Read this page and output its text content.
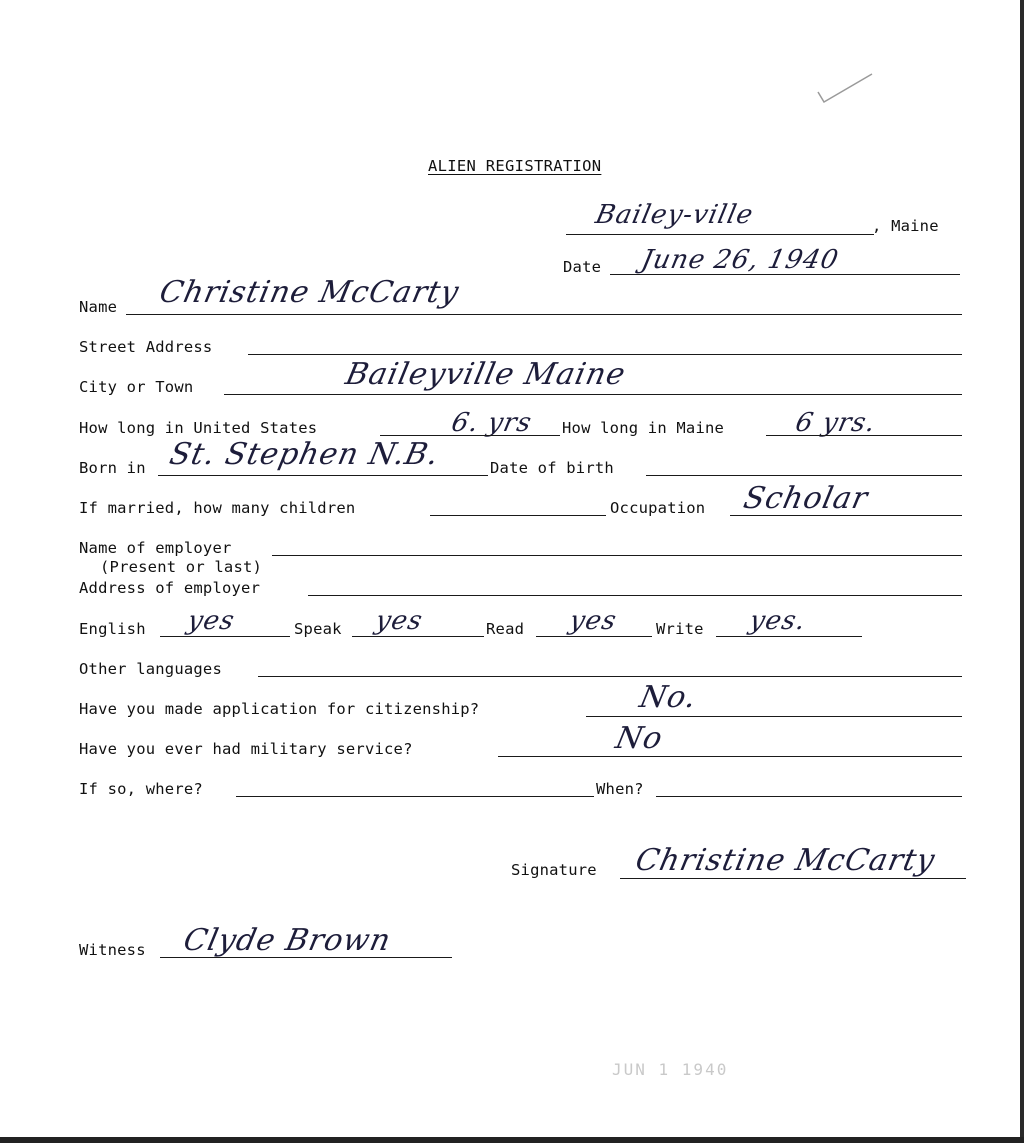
ALIEN REGISTRATION
Bailey-ville	, Maine
Date June 26, 1940
Name Christine McCarty
Street Address
City or Town	Baileyville Maine
How long in United States	6. yrs How long in Maine	6 yrs.
Born in St. Stephen N.B.	Date of birth
If married, how many children	Occupation Scholar
Name of employer
(Present or last)
Address of employer
English yes	Speak yes	Read yes Write yes.
Other languages
Have you made application for citizenship?	No.
Have you ever had military service?	No
If so, where?	When?
Signature Christine McCarty
Witness Clyde Brown
JUN 1 1940
